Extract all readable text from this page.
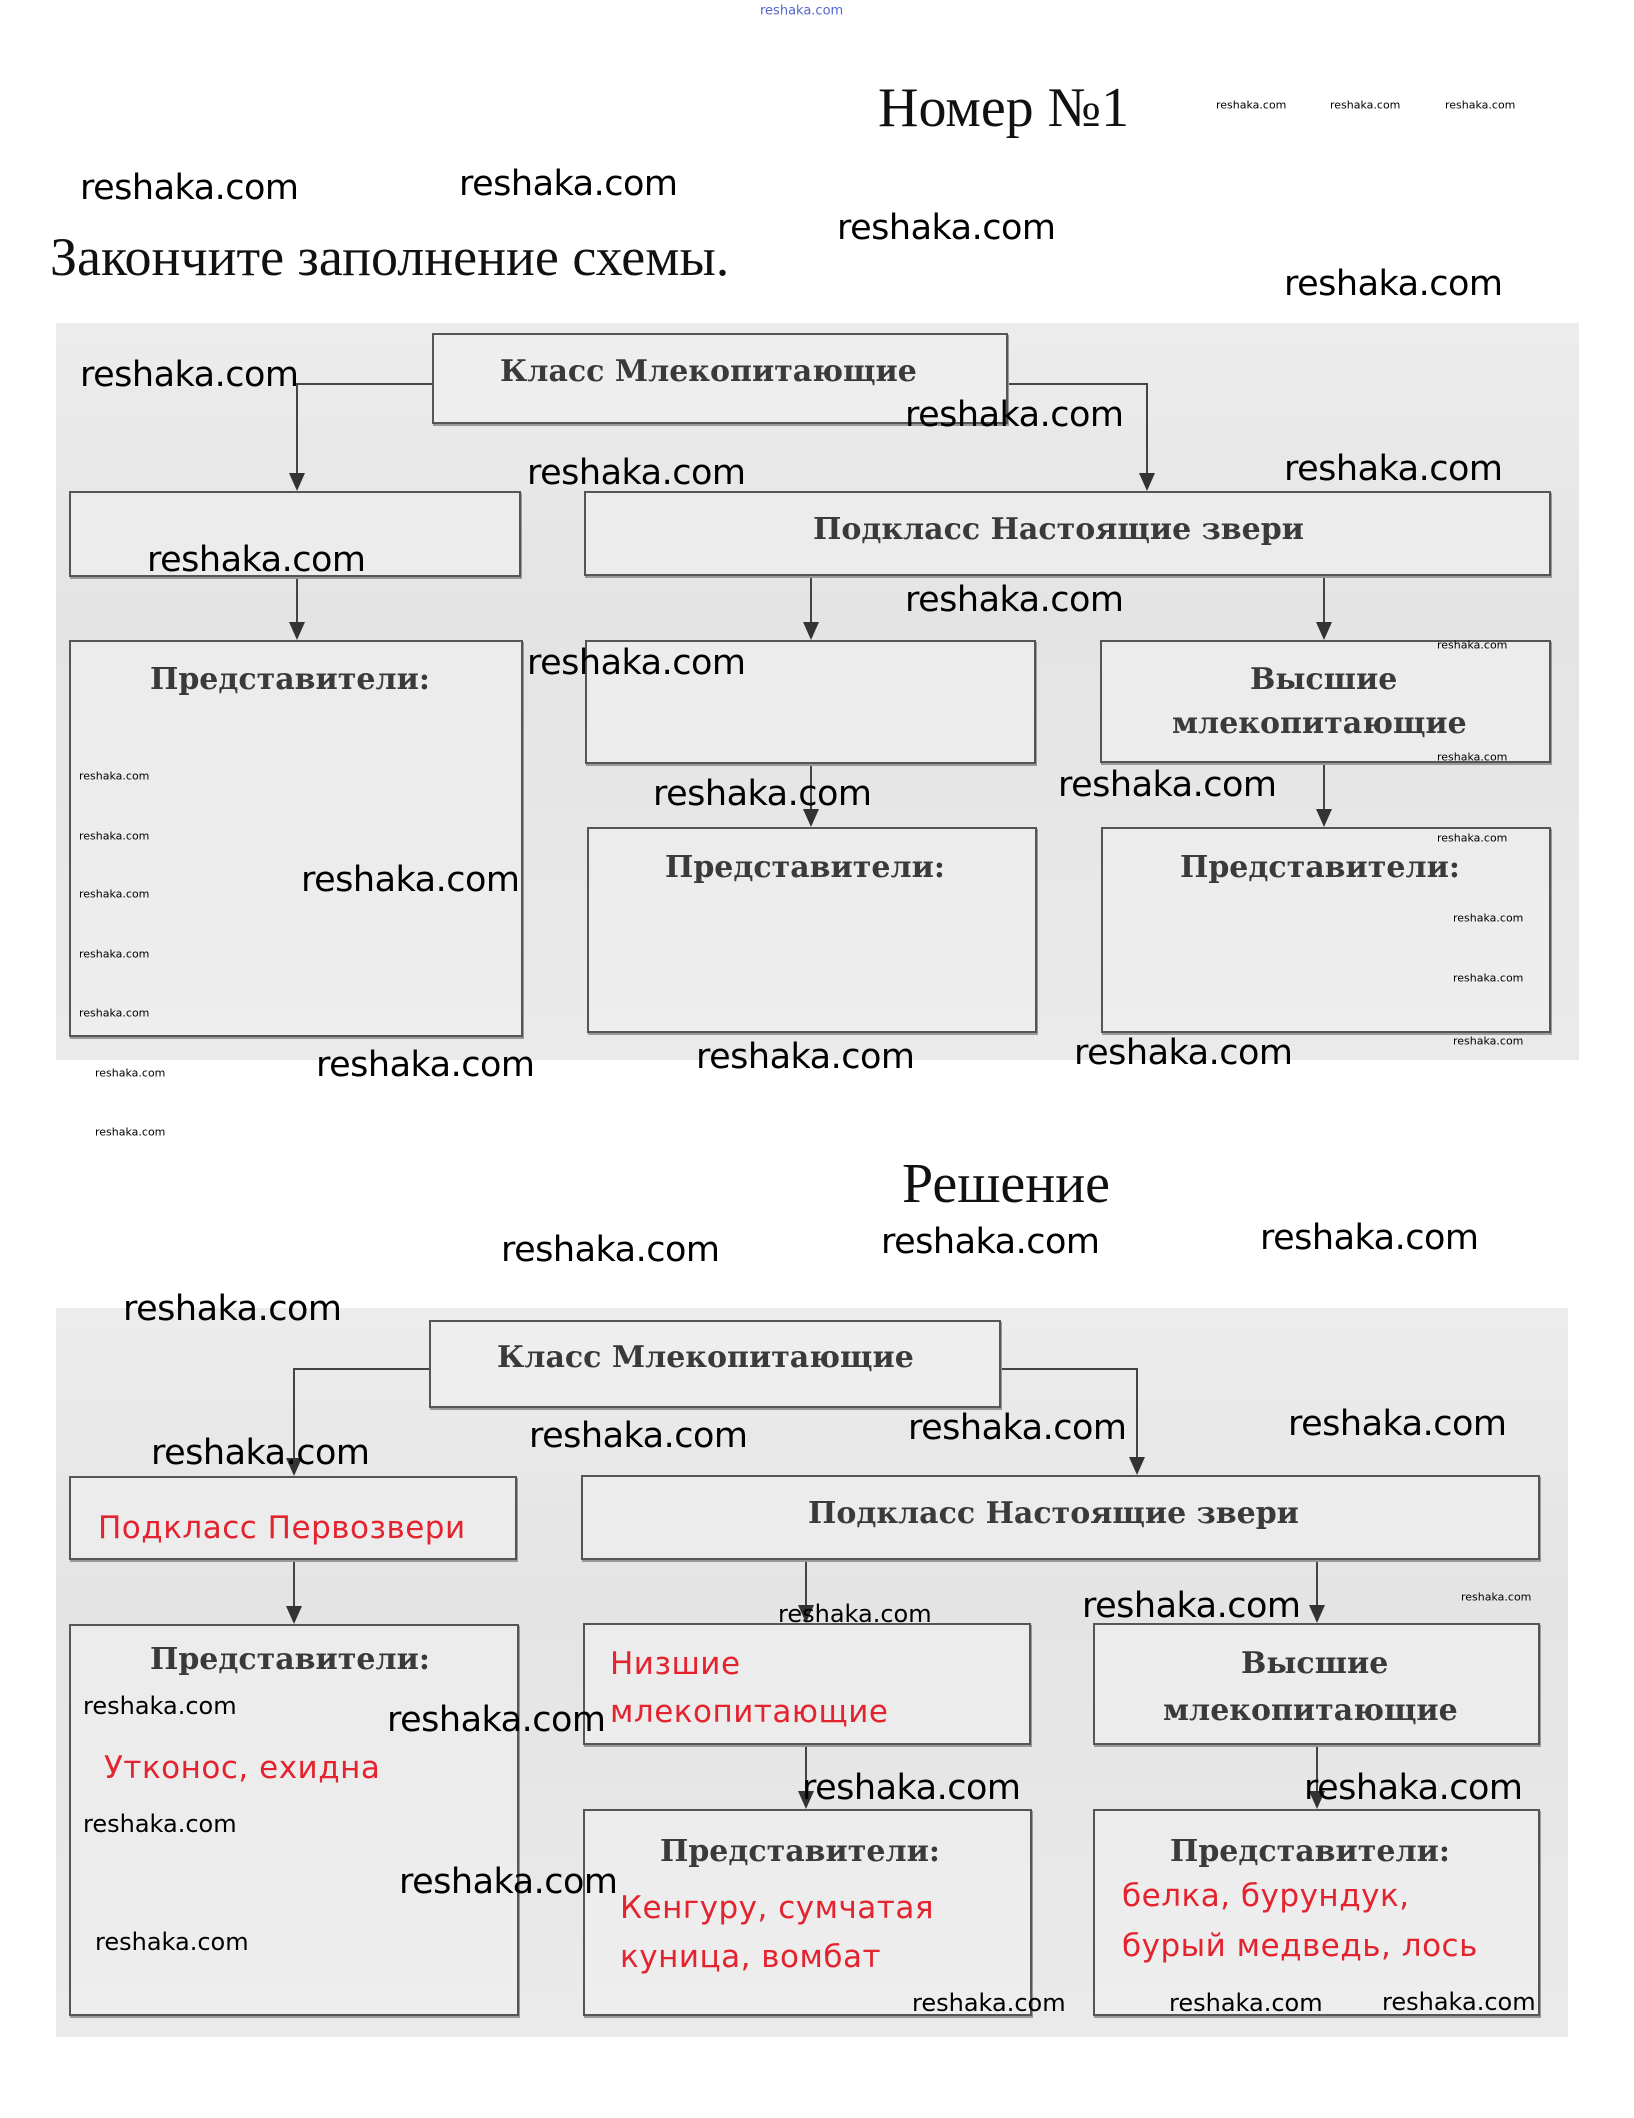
Номер №1
Закончите заполнение схемы.
Класс Млекопитающие
Подкласс Настоящие звери
Представители:	Высшие
млекопитающие
Представители:	Представители:
Решение
Класс Млекопитающие
Подкласс Первозвери	Подкласс Настоящие звери
Представители:
Утконос, ехидна
Низшие
млекопитающие
Высшие
млекопитающие
Представители:
Кенгуру, сумчатая
куница, вомбат
Представители:
белка, бурундук,
бурый медведь, лось
reshaka.com	reshaka.com
reshaka.com
reshaka.com
reshaka.com
reshaka.com
reshaka.com	reshaka.com
reshaka.com
reshaka.com
reshaka.com
reshaka.com
reshaka.com
reshaka.com
reshaka.com	reshaka.com	reshaka.com
reshaka.com	reshaka.com	reshaka.com
reshaka.com
reshaka.com	reshaka.com	reshaka.com
reshaka.com
reshaka.com
reshaka.com
reshaka.com	reshaka.com
reshaka.com
reshaka.com
reshaka.com
reshaka.com
reshaka.com
reshaka.com	reshaka.com reshaka.com
reshaka.com	reshaka.com	reshaka.com
reshaka.com
reshaka.com
reshaka.com
reshaka.com
reshaka.com
reshaka.com
reshaka.com
reshaka.com
reshaka.com
reshaka.com
reshaka.com
reshaka.com
reshaka.com
reshaka.com
reshaka.com
